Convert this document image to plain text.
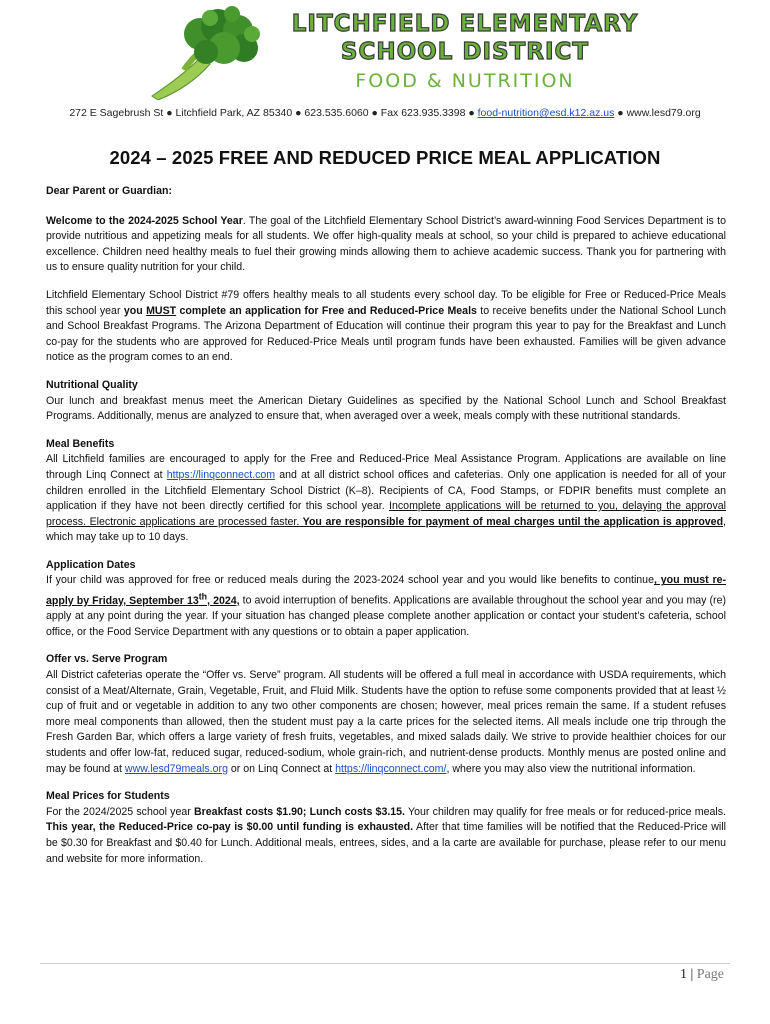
LITCHFIELD ELEMENTARY
SCHOOL DISTRICT
FOOD & NUTRITION
272 E Sagebrush St ● Litchfield Park, AZ 85340 ● 623.535.6060 ● Fax 623.935.3398 ● food-nutrition@esd.k12.az.us ● www.lesd79.org
2024 – 2025 FREE AND REDUCED PRICE MEAL APPLICATION

Dear Parent or Guardian:

Welcome to the 2024-2025 School Year. The goal of the Litchfield Elementary School District’s award-winning Food Services Department is to provide nutritious and appetizing meals for all students. We offer high-quality meals at school, so your child is prepared to achieve educational excellence. Children need healthy meals to fuel their growing minds allowing them to achieve academic success. Thank you for partnering with us to ensure quality nutrition for your child.

Litchfield Elementary School District #79 offers healthy meals to all students every school day. To be eligible for Free or Reduced-Price Meals this school year you MUST complete an application for Free and Reduced-Price Meals to receive benefits under the National School Lunch and School Breakfast Programs. The Arizona Department of Education will continue their program this year to pay for the Breakfast and Lunch co-pay for the students who are approved for Reduced-Price Meals until program funds have been exhausted. Families will be given advance notice as the program comes to an end.

Nutritional Quality

Our lunch and breakfast menus meet the American Dietary Guidelines as specified by the National School Lunch and School Breakfast Programs. Additionally, menus are analyzed to ensure that, when averaged over a week, meals comply with these nutritional standards.

Meal Benefits

All Litchfield families are encouraged to apply for the Free and Reduced-Price Meal Assistance Program. Applications are available on line through Linq Connect at https://linqconnect.com and at all district school offices and cafeterias. Only one application is needed for all of your children enrolled in the Litchfield Elementary School District (K–8). Recipients of CA, Food Stamps, or FDPIR benefits must complete an application if they have not been directly certified for this school year. Incomplete applications will be returned to you, delaying the approval process. Electronic applications are processed faster. You are responsible for payment of meal charges until the application is approved, which may take up to 10 days.

Application Dates

If your child was approved for free or reduced meals during the 2023-2024 school year and you would like benefits to continue, you must re-apply by Friday, September 13th, 2024, to avoid interruption of benefits. Applications are available throughout the school year and you may (re) apply at any point during the year. If your situation has changed please complete another application or contact your student’s cafeteria, school office, or the Food Service Department with any questions or to obtain a paper application.

Offer vs. Serve Program

All District cafeterias operate the “Offer vs. Serve” program. All students will be offered a full meal in accordance with USDA requirements, which consist of a Meat/Alternate, Grain, Vegetable, Fruit, and Fluid Milk. Students have the option to refuse some components provided that at least ½ cup of fruit and or vegetable in addition to any two other components are chosen; however, meal prices remain the same. If a student refuses more meal components than allowed, then the student must pay a la carte prices for the selected items. All meals include one trip through the Fresh Garden Bar, which offers a large variety of fresh fruits, vegetables, and mixed salads daily. We strive to provide healthier choices for our students and offer low-fat, reduced sugar, reduced-sodium, whole grain-rich, and nutrient-dense products. Monthly menus are posted online and may be found at www.lesd79meals.org or on Linq Connect at https://linqconnect.com/, where you may also view the nutritional information.

Meal Prices for Students

For the 2024/2025 school year Breakfast costs $1.90; Lunch costs $3.15. Your children may qualify for free meals or for reduced-price meals. This year, the Reduced-Price co-pay is $0.00 until funding is exhausted. After that time families will be notified that the Reduced-Price will be $0.30 for Breakfast and $0.40 for Lunch. Additional meals, entrees, sides, and a la carte are available for purchase, please refer to our menu and website for more information.

1 | Page
